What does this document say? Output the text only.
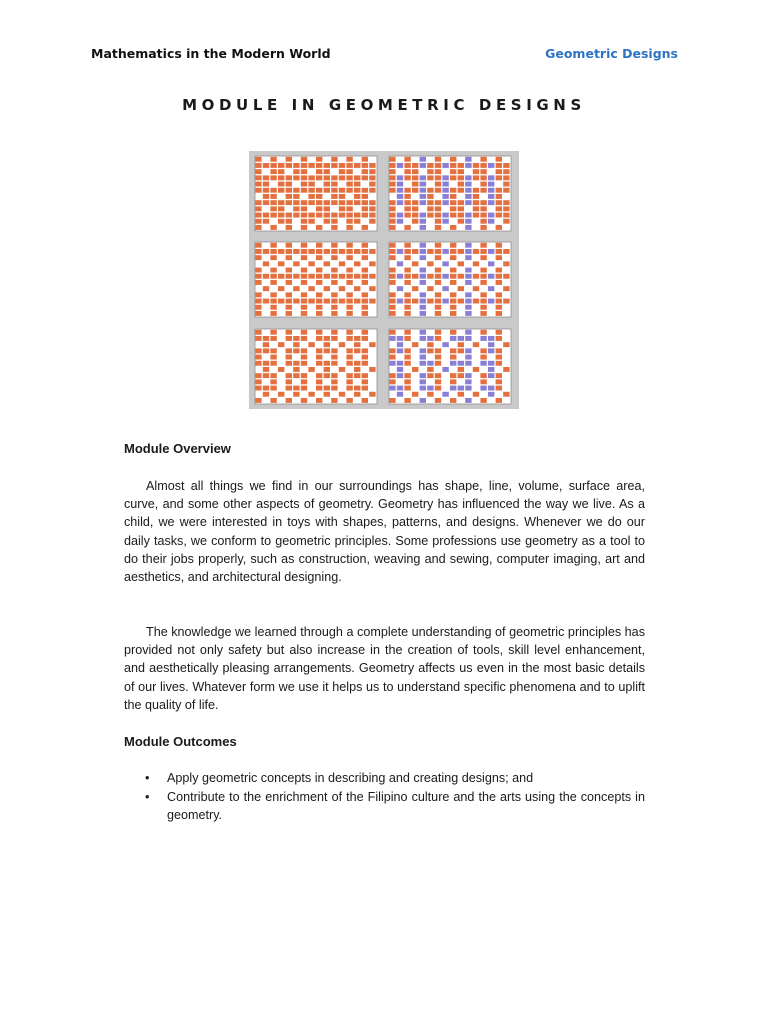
Mathematics in the Modern World	Geometric Designs
MODULE IN GEOMETRIC DESIGNS
Module Overview

Almost all things we find in our surroundings has shape, line, volume, surface area, curve, and some other aspects of geometry. Geometry has influenced the way we live. As a child, we were interested in toys with shapes, patterns, and designs. Whenever we do our daily tasks, we conform to geometric principles. Some professions use geometry as a tool to do their jobs properly, such as construction, weaving and sewing, computer imaging, art and aesthetics, and architectural designing.

The knowledge we learned through a complete understanding of geometric principles has provided not only safety but also increase in the creation of tools, skill level enhancement, and aesthetically pleasing arrangements. Geometry affects us even in the most basic details of our lives. Whatever form we use it helps us to understand specific phenomena and to uplift the quality of life.

Module Outcomes
• Apply geometric concepts in describing and creating designs; and
• Contribute to the enrichment of the Filipino culture and the arts using the concepts in geometry.
